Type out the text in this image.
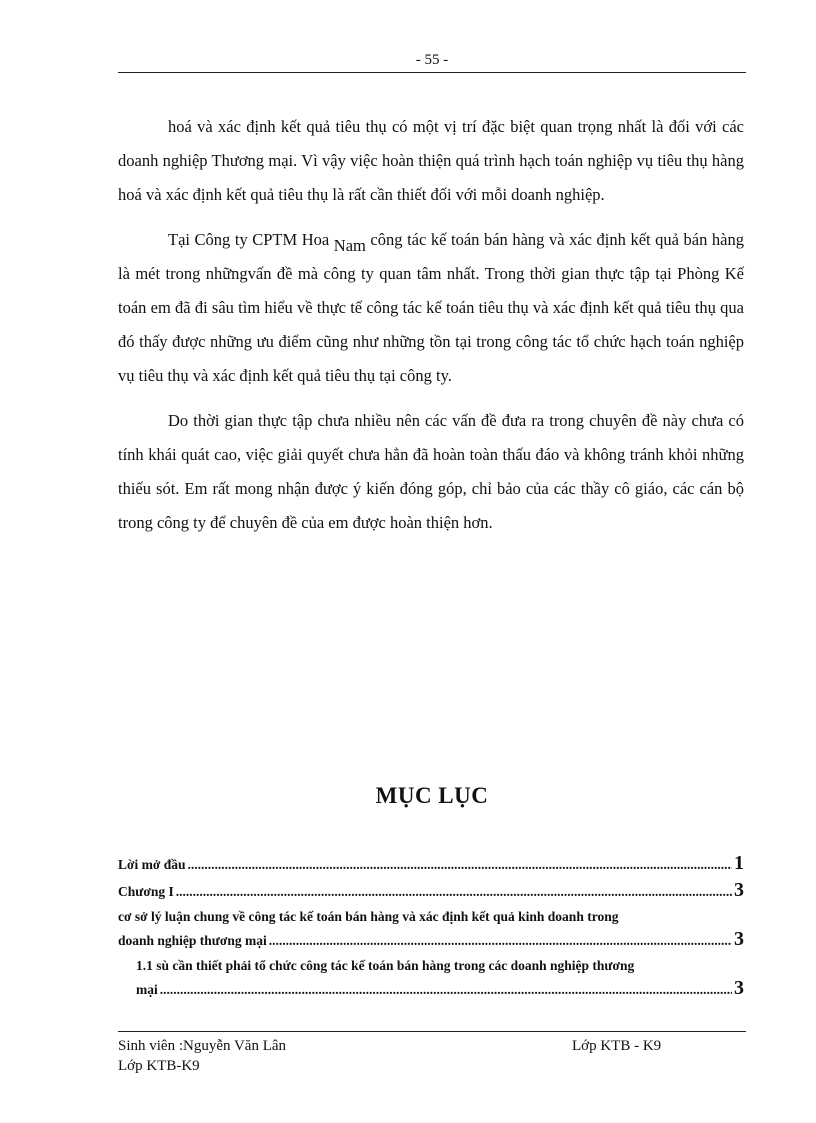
- 55 -

hoá và xác định kết quả tiêu thụ có một vị trí đặc biệt quan trọng nhất là đối với các doanh nghiệp Thương mại. Vì vậy việc hoàn thiện quá trình hạch toán nghiệp vụ tiêu thụ hàng hoá và xác định kết quả tiêu thụ là rất cần thiết đối với mỗi doanh nghiệp.

Tại Công ty CPTM Hoa Nam công tác kế toán bán hàng và xác định kết quả bán hàng là mét trong nhữngvấn đề mà công ty quan tâm nhất. Trong thời gian thực tập tại Phòng Kế toán em đã đi sâu tìm hiểu về thực tế công tác kế toán tiêu thụ và xác định kết quả tiêu thụ qua đó thấy được những ưu điểm cũng như những tồn tại trong công tác tổ chức hạch toán nghiệp vụ tiêu thụ và xác định kết quả tiêu thụ tại công ty.

Do thời gian thực tập chưa nhiều nên các vấn đề đưa ra trong chuyên đề này chưa có tính khái quát cao, việc giải quyết chưa hẳn đã hoàn toàn thấu đáo và không tránh khỏi những thiếu sót. Em rất mong nhận được ý kiến đóng góp, chỉ bảo của các thầy cô giáo, các cán bộ trong công ty để chuyên đề của em được hoàn thiện hơn.

MỤC LỤC
Lời mở đầu .....	1
Chương I .....	3
cơ sở lý luận chung về công tác kế toán bán hàng và xác định kết quả kinh doanh trong
doanh nghiệp thương mại .....	3
1.1 sù cần thiết phải tổ chức công tác kế toán bán hàng trong các doanh nghiệp thương
mại .....	3
Sinh viên :Nguyễn Văn Lân
Lớp KTB-K9
Lớp KTB - K9
